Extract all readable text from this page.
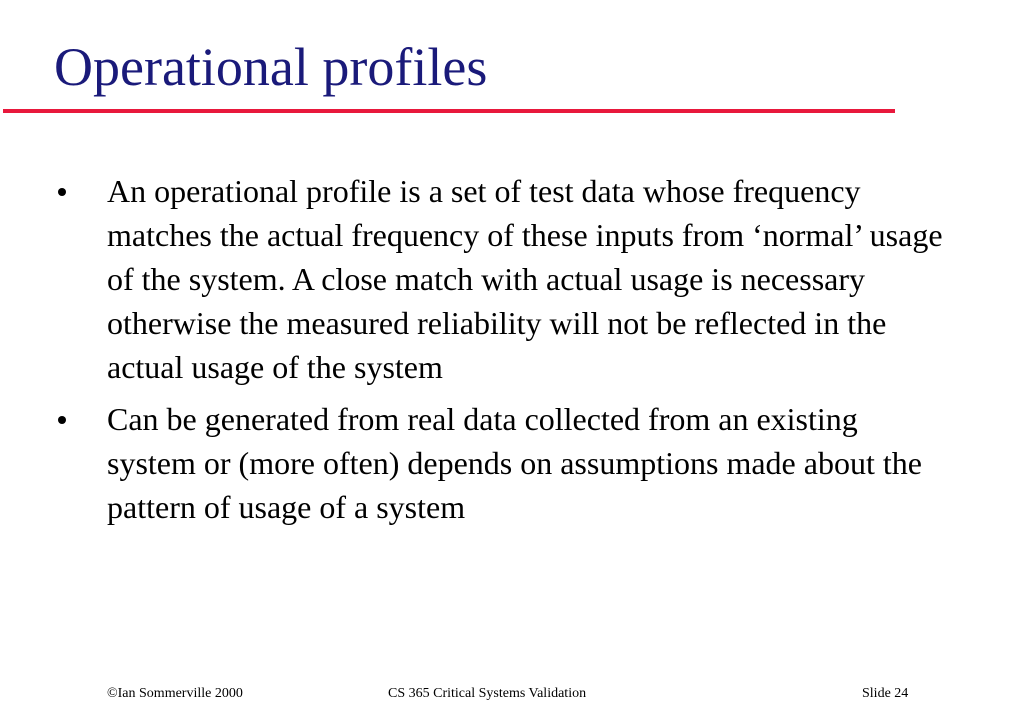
Operational profiles
An operational profile is a set of test data whose frequency matches the actual frequency of these inputs from ‘normal’ usage of the system. A close match with actual usage is necessary otherwise the measured reliability will not be reflected in the actual usage of the system
Can be generated from real data collected from an existing system or (more often) depends on assumptions made about the pattern of usage of a system
©Ian Sommerville 2000	CS 365 Critical Systems Validation	Slide 24
